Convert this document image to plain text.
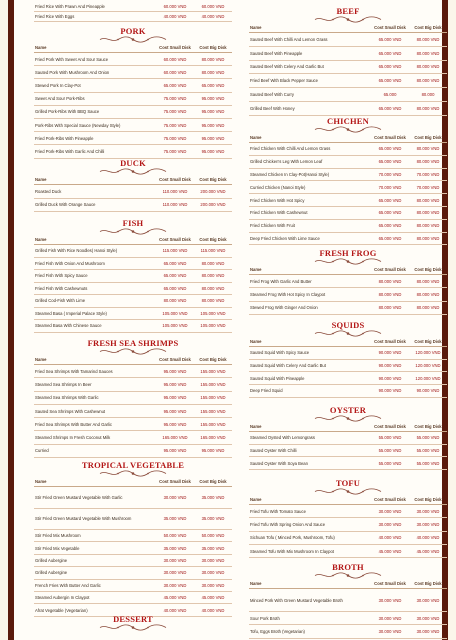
Fried Rice With Prawn And Pineapple	60.000 VND	60.000 VND
Fried Rice With Eggs	40.000 VND	40.000 VND
PORK
Name	Cost Small Disk	Cost Big Disk
Fried Pork With Sweet And Sour Sauce	60.000 VND	80.000 VND
Sauted Pork With Mushroom And Onion	60.000 VND	80.000 VND
Stewed Pork In Clay-Pot	65.000 VND	65.000 VND
Sweet And Sour Pork-Ribs	75.000 VND	95.000 VND
Grilled Pork-Ribs With BBQ Sauce	75.000 VND	95.000 VND
Pork-Ribs With Special Sauce (Newday Style)	75.000 VND	95.000 VND
Fried Pork-Ribs With Pineapple	75.000 VND	95.000 VND
Fried Pork-Ribs With Garlic And Chilli	75.000 VND	95.000 VND
DUCK
Name	Cost Small Disk	Cost Big Disk
Roasted Duck	110.000 VND	200.000 VND
Grilled Duck With Orange Sauce	110.000 VND	200.000 VND
FISH
Name	Cost Small Disk	Cost Big Disk
Grilled Fish With Rice Noodles( Hanoi Style)	115.000 VND	115.000 VND
Fried Fish With Onion And Mushroom	65.000 VND	80.000 VND
Fried Fish With Spicy Sauce	65.000 VND	80.000 VND
Fried Fish With Cashewnuts	65.000 VND	80.000 VND
Grilled Cod-Fish With Lime	80.000 VND	80.000 VND
Steamed Basa ( Imperial Palace Style)	105.000 VND	105.000 VND
Steamed Basa With Chinese Sauce	105.000 VND	105.000 VND
FRESH SEA SHRIMPS
Name	Cost Small Disk	Cost Big Disk
Fried Sea Shrimps With Tamarind Sauces	95.000 VND	155.000 VND
Steamed Sea Shrimps In Beer	95.000 VND	155.000 VND
Steamed Sea Shrimps With Garlic	95.000 VND	155.000 VND
Sauted Sea Shrimps With Cashewnut	95.000 VND	155.000 VND
Fried Sea Shrimps With Butter And Garlic	95.000 VND	155.000 VND
Steamed Shrimps In Fresh Coconut Milk	165.000 VND	165.000 VND
Curried	95.000 VND	95.000 VND
TROPICAL VEGETABLE
Name	Cost Small Disk	Cost Big Disk
Stir Fried Green Mustard Vegetable With Garlic	30.000 VND	35.000 VND
Stir Fried Green Mustard Vegetable With Mushroom	35.000 VND	35.000 VND
Stir Fried Mix Mushroom	50.000 VND	50.000 VND
Stir Fried Mix Vegetable	35.000 VND	35.000 VND
Grilled Aubergine	30.000 VND	30.000 VND
Grilled Aubergine	30.000 VND	30.000 VND
French Fries With Butter And Garlic	30.000 VND	30.000 VND
Steamed Aubergin In Claypot	45.000 VND	45.000 VND
Afrat Vegetable (Vegetarian)	40.000 VND	40.000 VND
DESSERT
BEEF
Name	Cost Small Disk	Cost Big Disk
Sauted Beef With Chilli And Lemon Grass	65.000 VND	80.000 VND
Sauted Beef With Pineapple	65.000 VND	80.000 VND
Sauted Beef With Celery And Garlic But	65.000 VND	80.000 VND
Fried Beef With Black Pepper Sauce	65.000 VND	80.000 VND
Sauted Beef With Curry	65.000	80.000
Grilled Beef With Honey	65.000 VND	80.000 VND
CHICHEN
Name	Cost Small Disk	Cost Big Disk
Fried Chicken With Chilli And Lemon Grass	65.000 VND	80.000 VND
Grilled Chicken's Leg With Lemon Leaf	65.000 VND	80.000 VND
Steamed Chicken In Clay-Pot(Hanoi Style)	70.000 VND	70.000 VND
Curried Chicken (Nanoi Style)	70.000 VND	70.000 VND
Fried Chicken With Hot Spicy	65.000 VND	80.000 VND
Fried Chicken With Cashewnut	65.000 VND	80.000 VND
Fried Chicken With Fruit	65.000 VND	80.000 VND
Deep Fried Chicken With Lime Sauce	65.000 VND	80.000 VND
FRESH FROG
Name	Cost Small Disk	Cost Big Disk
Fried Frog With Garlic And Butter	80.000 VND	80.000 VND
Steamed Frog With Hot Spicy In Claypot	80.000 VND	80.000 VND
Stewed Frog With Ginger And Onion	80.000 VND	80.000 VND
SQUIDS
Name	Cost Small Disk	Cost Big Disk
Sauted Squid With Spicy Sauce	90.000 VND	120.000 VND
Sauted Squid With Celery And Garlic But	90.000 VND	120.000 VND
Sauted Squid With Pineapple	90.000 VND	120.000 VND
Deep Fried Squid	90.000 VND	90.000 VND
OYSTER
Name	Cost Small Disk	Cost Big Disk
Steamed Oysted With Lemongrass	55.000 VND	55.000 VND
Sauted Oyster With Chilli	55.000 VND	55.000 VND
Sauted Oyster With Soya Bean	55.000 VND	55.000 VND
TOFU
Name	Cost Small Disk	Cost Big Disk
Fried Tofu With Tomato Sauce	30.000 VND	30.000 VND
Fried Tofu With Spring Onion And Sauce	30.000 VND	30.000 VND
Sichuan Tofu ( Minced Pork, Mushroom, Tofu)	40.000 VND	40.000 VND
Steamed Tofu With Mix Mushroom In Claypot	45.000 VND	45.000 VND
BROTH
Name	Cost Small Disk	Cost Big Disk
Minced Pork With Green Mustard Vegetable Broth	30.000 VND	30.000 VND
Sour Pork Broth	30.000 VND	30.000 VND
Tofu, Eggs Broth (Vegetarian)	30.000 VND	30.000 VND
